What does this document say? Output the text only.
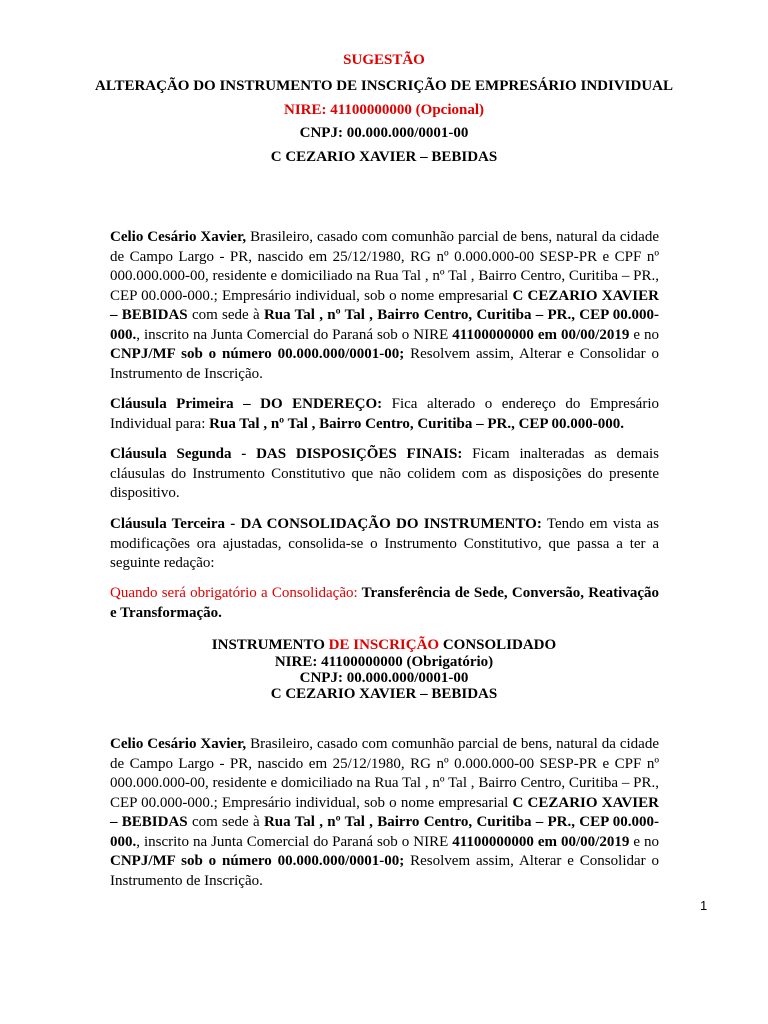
SUGESTÃO
ALTERAÇÃO DO INSTRUMENTO DE INSCRIÇÃO DE EMPRESÁRIO INDIVIDUAL
NIRE: 41100000000 (Opcional)
CNPJ: 00.000.000/0001-00
C CEZARIO XAVIER – BEBIDAS
Celio Cesário Xavier, Brasileiro, casado com comunhão parcial de bens, natural da cidade de Campo Largo - PR, nascido em 25/12/1980, RG nº 0.000.000-00 SESP-PR e CPF nº 000.000.000-00, residente e domiciliado na Rua Tal , nº Tal , Bairro Centro, Curitiba – PR., CEP 00.000-000.; Empresário individual, sob o nome empresarial C CEZARIO XAVIER – BEBIDAS com sede à Rua Tal , nº Tal , Bairro Centro, Curitiba – PR., CEP 00.000-000., inscrito na Junta Comercial do Paraná sob o NIRE 41100000000 em 00/00/2019 e no CNPJ/MF sob o número 00.000.000/0001-00; Resolvem assim, Alterar e Consolidar o Instrumento de Inscrição.
Cláusula Primeira – DO ENDEREÇO: Fica alterado o endereço do Empresário Individual para: Rua Tal , nº Tal , Bairro Centro, Curitiba – PR., CEP 00.000-000.
Cláusula Segunda - DAS DISPOSIÇÕES FINAIS: Ficam inalteradas as demais cláusulas do Instrumento Constitutivo que não colidem com as disposições do presente dispositivo.
Cláusula Terceira - DA CONSOLIDAÇÃO DO INSTRUMENTO: Tendo em vista as modificações ora ajustadas, consolida-se o Instrumento Constitutivo, que passa a ter a seguinte redação:
Quando será obrigatório a Consolidação: Transferência de Sede, Conversão, Reativação e Transformação.
INSTRUMENTO DE INSCRIÇÃO CONSOLIDADO
NIRE: 41100000000 (Obrigatório)
CNPJ: 00.000.000/0001-00
C CEZARIO XAVIER – BEBIDAS
Celio Cesário Xavier, Brasileiro, casado com comunhão parcial de bens, natural da cidade de Campo Largo - PR, nascido em 25/12/1980, RG nº 0.000.000-00 SESP-PR e CPF nº 000.000.000-00, residente e domiciliado na Rua Tal , nº Tal , Bairro Centro, Curitiba – PR., CEP 00.000-000.; Empresário individual, sob o nome empresarial C CEZARIO XAVIER – BEBIDAS com sede à Rua Tal , nº Tal , Bairro Centro, Curitiba – PR., CEP 00.000-000., inscrito na Junta Comercial do Paraná sob o NIRE 41100000000 em 00/00/2019 e no CNPJ/MF sob o número 00.000.000/0001-00; Resolvem assim, Alterar e Consolidar o Instrumento de Inscrição.
1
